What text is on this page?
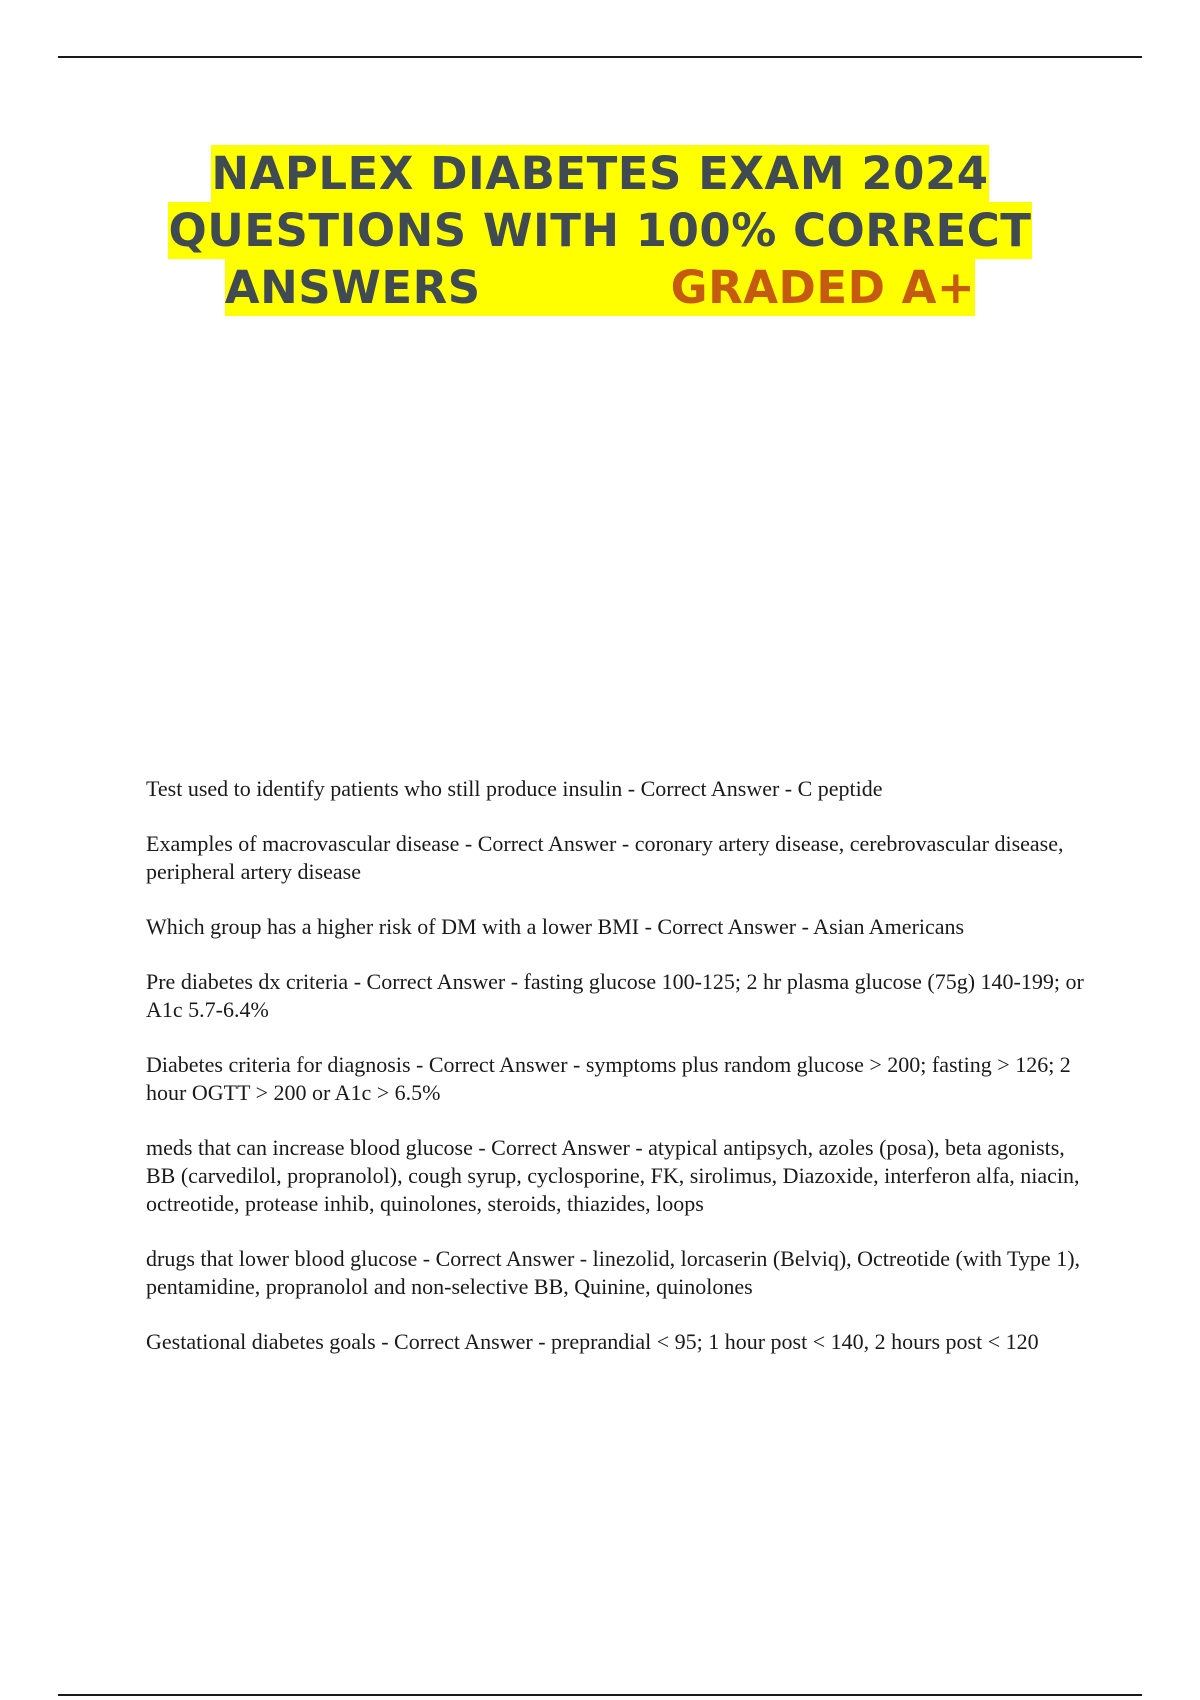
NAPLEX DIABETES EXAM 2024
QUESTIONS WITH 100% CORRECT
ANSWERS	GRADED A+

Test used to identify patients who still produce insulin - Correct Answer - C peptide

Examples of macrovascular disease - Correct Answer - coronary artery disease, cerebrovascular disease, peripheral artery disease

Which group has a higher risk of DM with a lower BMI - Correct Answer - Asian Americans

Pre diabetes dx criteria - Correct Answer - fasting glucose 100-125; 2 hr plasma glucose (75g) 140-199; or A1c 5.7-6.4%

Diabetes criteria for diagnosis - Correct Answer - symptoms plus random glucose > 200; fasting > 126; 2 hour OGTT > 200 or A1c > 6.5%

meds that can increase blood glucose - Correct Answer - atypical antipsych, azoles (posa), beta agonists, BB (carvedilol, propranolol), cough syrup, cyclosporine, FK, sirolimus, Diazoxide, interferon alfa, niacin, octreotide, protease inhib, quinolones, steroids, thiazides, loops

drugs that lower blood glucose - Correct Answer - linezolid, lorcaserin (Belviq), Octreotide (with Type 1), pentamidine, propranolol and non-selective BB, Quinine, quinolones

Gestational diabetes goals - Correct Answer - preprandial < 95; 1 hour post < 140, 2 hours post < 120
